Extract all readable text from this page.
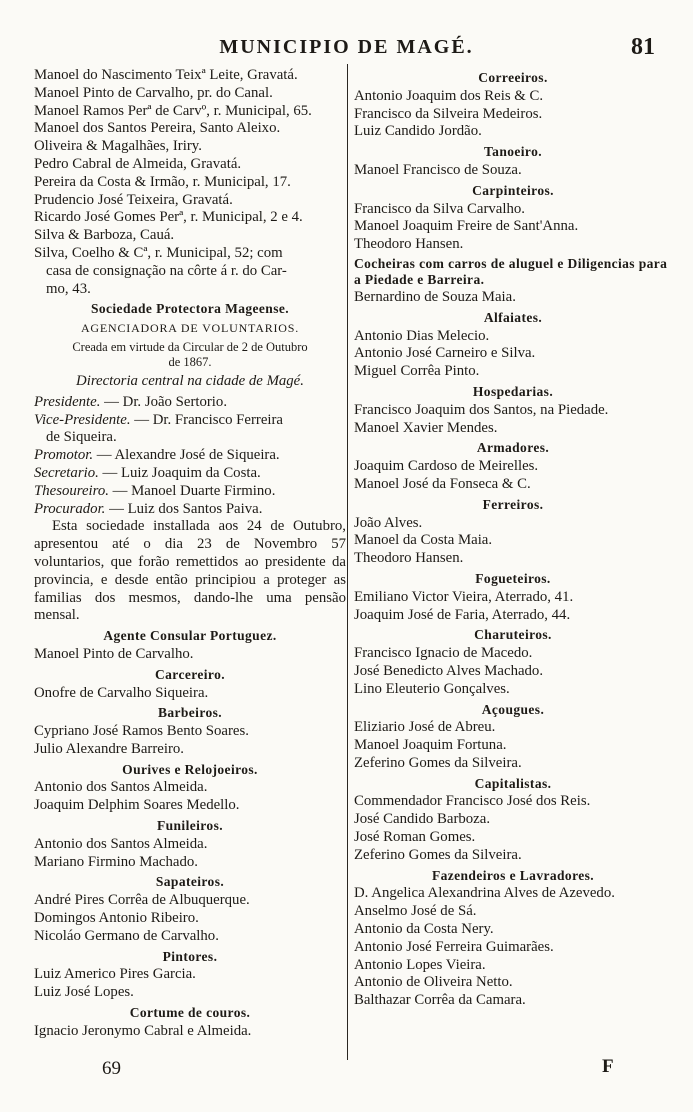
MUNICIPIO DE MAGÉ.	81
Manoel do Nascimento Teixª Leite, Gravatá.
Manoel Pinto de Carvalho, pr. do Canal.
Manoel Ramos Perª de Carvº, r. Municipal, 65.
Manoel dos Santos Pereira, Santo Aleixo.
Oliveira & Magalhães, Iriry.
Pedro Cabral de Almeida, Gravatá.
Pereira da Costa & Irmão, r. Municipal, 17.
Prudencio José Teixeira, Gravatá.
Ricardo José Gomes Perª, r. Municipal, 2 e 4.
Silva & Barboza, Cauá.
Silva, Coelho & Cª, r. Municipal, 52; com
casa de consignação na côrte á r. do Car-
mo, 43.
Sociedade Protectora Mageense.
AGENCIADORA DE VOLUNTARIOS.
Creada em virtude da Circular de 2 de Outubro
de 1867.
Directoria central na cidade de Magé.
Presidente. — Dr. João Sertorio.
Vice-Presidente. — Dr. Francisco Ferreira
de Siqueira.
Promotor. — Alexandre José de Siqueira.
Secretario. — Luiz Joaquim da Costa.
Thesoureiro. — Manoel Duarte Firmino.
Procurador. — Luiz dos Santos Paiva.
Esta sociedade installada aos 24 de Outubro, apresentou até o dia 23 de Novembro 57 voluntarios, que forão remettidos ao presidente da provincia, e desde então principiou a proteger as familias dos mesmos, dando-lhe uma pensão mensal.
Agente Consular Portuguez.
Manoel Pinto de Carvalho.
Carcereiro.
Onofre de Carvalho Siqueira.
Barbeiros.
Cypriano José Ramos Bento Soares.
Julio Alexandre Barreiro.
Ourives e Relojoeiros.
Antonio dos Santos Almeida.
Joaquim Delphim Soares Medello.
Funileiros.
Antonio dos Santos Almeida.
Mariano Firmino Machado.
Sapateiros.
André Pires Corrêa de Albuquerque.
Domingos Antonio Ribeiro.
Nicoláo Germano de Carvalho.
Pintores.
Luiz Americo Pires Garcia.
Luiz José Lopes.
Cortume de couros.
Ignacio Jeronymo Cabral e Almeida.
Correeiros.
Antonio Joaquim dos Reis & C.
Francisco da Silveira Medeiros.
Luiz Candido Jordão.
Tanoeiro.
Manoel Francisco de Souza.
Carpinteiros.
Francisco da Silva Carvalho.
Manoel Joaquim Freire de Sant'Anna.
Theodoro Hansen.
Cocheiras com carros de aluguel e Diligencias para a Piedade e Barreira.
Bernardino de Souza Maia.
Alfaiates.
Antonio Dias Melecio.
Antonio José Carneiro e Silva.
Miguel Corrêa Pinto.
Hospedarias.
Francisco Joaquim dos Santos, na Piedade.
Manoel Xavier Mendes.
Armadores.
Joaquim Cardoso de Meirelles.
Manoel José da Fonseca & C.
Ferreiros.
João Alves.
Manoel da Costa Maia.
Theodoro Hansen.
Fogueteiros.
Emiliano Victor Vieira, Aterrado, 41.
Joaquim José de Faria, Aterrado, 44.
Charuteiros.
Francisco Ignacio de Macedo.
José Benedicto Alves Machado.
Lino Eleuterio Gonçalves.
Açougues.
Eliziario José de Abreu.
Manoel Joaquim Fortuna.
Zeferino Gomes da Silveira.
Capitalistas.
Commendador Francisco José dos Reis.
José Candido Barboza.
José Roman Gomes.
Zeferino Gomes da Silveira.
Fazendeiros e Lavradores.
D. Angelica Alexandrina Alves de Azevedo.
Anselmo José de Sá.
Antonio da Costa Nery.
Antonio José Ferreira Guimarães.
Antonio Lopes Vieira.
Antonio de Oliveira Netto.
Balthazar Corrêa da Camara.
69	F
